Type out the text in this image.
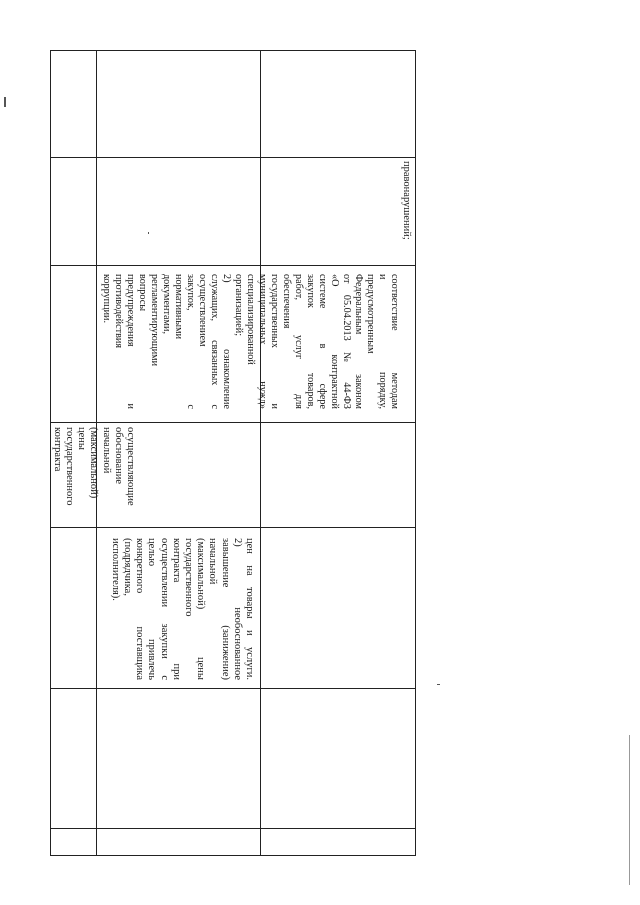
цен на товары и услуги.
2) необоснованное
завышение (занижение)
начальной
(максимальной) цены
государственного
контракта при
осуществлении закупки с
целью привлечь
конкретного поставщика
(подрядчика,
исполнителя).
осуществляющие
обоснование
начальной
(максимальной)
цены
государственного
контракта
соответствие методам
и порядку,
предусмотренным
Федеральным законом
от 05.04.2013 № 44-ФЗ
«О контрактной
системе в сфере
закупок товаров,
работ, услуг для
обеспечения
государственных и
муниципальных нужд»
специализированной
организацией;
2) ознакомление
служащих, связанных с
осуществлением
закупок, с
нормативными
документами,
регламентирующими
вопросы
предупреждения и
противодействия
коррупции.
правонарушений;
